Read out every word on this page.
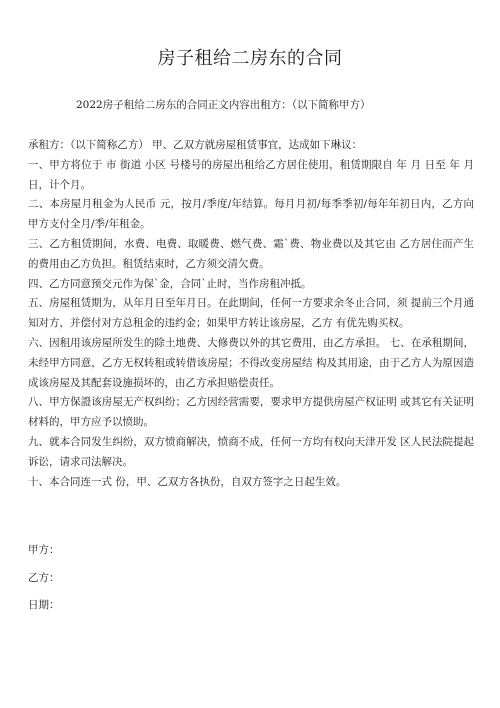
房子租给二房东的合同
2022房子租给二房东的合同正文内容出租方：（以下简称甲方）

承租方：（以下简称乙方） 甲、乙双方就房屋租赁事宜，达成如下琳议：

一、甲方将位于 市 街道 小区 号楼号的房屋出租给乙方居住使用，租赁期限自 年 月 日至 年 月 日，计个月。

二、本房屋月租金为人民币 元，按月/季度/年结算。每月月初/每季季初/每年年初日内，乙方向甲方支付全月/季/年租金。

三、乙方租赁期间，水费、电费、取暖费、燃气费、霜`费、物业费以及其它由 乙方居住而产生的费用由乙方负担。租赁结束时，乙方须交清欠费。

四、乙方同意预交元作为保`金，合同`止时，当作房租冲抵。

五、房屋租赁期为，从年月日至年月日。在此期间，任何一方要求余冬止合同，须 提前三个月通知对方，并偿付对方总租金的违约金；如果甲方转让该房屋，乙方 有优先购买权。

六、因租用该房屋所发生的除土地费、大修费以外的其它费用，由乙方承担。 七、在承租期间，未经甲方同意，乙方无权转租或转借该房屋；不得改变房屋结 构及其用途，由于乙方人为原因造成该房屋及其配套设施损坏的，由乙方承担赔偿责任。

八、甲方保證该房屋无产权纠纷；乙方因经营需要，要求甲方提供房屋产权证明 或其它有关证明材料的，甲方应予以愤助。

九、就本合同发生纠纷，双方愤商解决，愤商不成，任何一方均有权向天津开发 区人民法院提起诉讼，请求司法解决。

十、本合同连一式 份，甲、乙双方各执份，自双方签字之日起生效。

甲方：
乙方：
日期：
